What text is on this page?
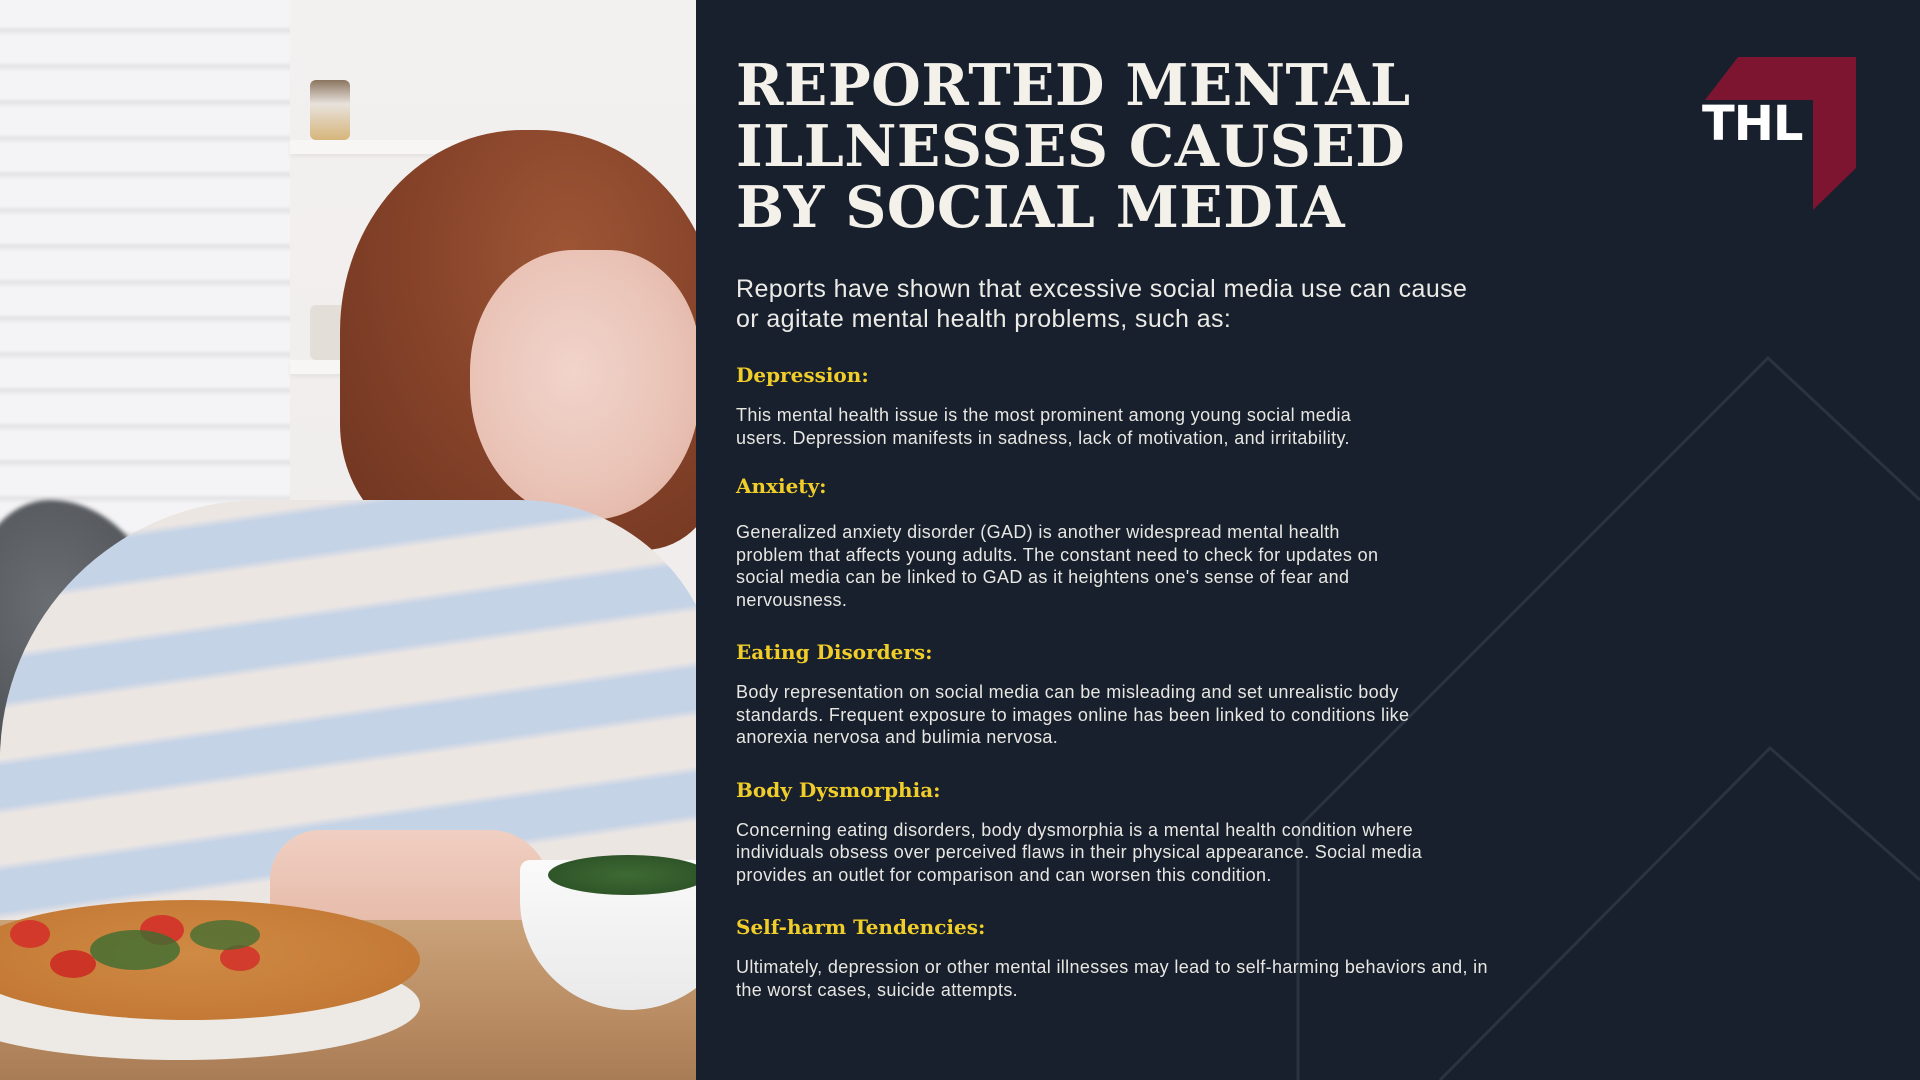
THL
REPORTED MENTAL ILLNESSES CAUSED BY SOCIAL MEDIA

Reports have shown that excessive social media use can cause or agitate mental health problems, such as:

Depression:
This mental health issue is the most prominent among young social media users. Depression manifests in sadness, lack of motivation, and irritability.
Anxiety:
Generalized anxiety disorder (GAD) is another widespread mental health problem that affects young adults. The constant need to check for updates on social media can be linked to GAD as it heightens one's sense of fear and nervousness.
Eating Disorders:
Body representation on social media can be misleading and set unrealistic body standards. Frequent exposure to images online has been linked to conditions like anorexia nervosa and bulimia nervosa.
Body Dysmorphia:
Concerning eating disorders, body dysmorphia is a mental health condition where individuals obsess over perceived flaws in their physical appearance. Social media provides an outlet for comparison and can worsen this condition.
Self-harm Tendencies:
Ultimately, depression or other mental illnesses may lead to self-harming behaviors and, in the worst cases, suicide attempts.
